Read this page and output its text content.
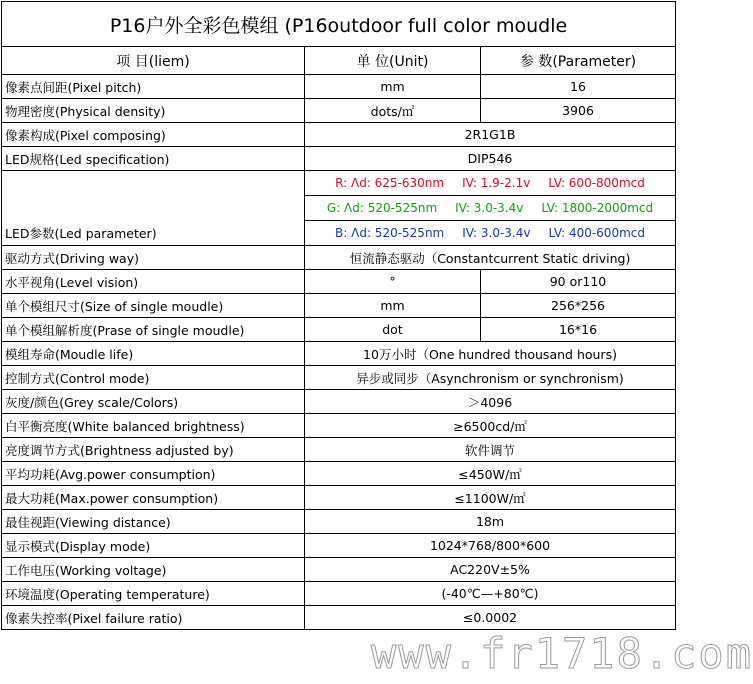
P16户外全彩色模组 (P16outdoor full color moudle		
项 目(liem)	单 位(Unit)	参 数(Parameter)
像素点间距(Pixel pitch)	mm	16
物理密度(Physical density)	dots/㎡	3906
像素构成(Pixel composing)	2R1G1B	
LED规格(Led specification)	DIP546	
LED参数(Led parameter)	R: Λd: 625-630nm IV: 1.9-2.1v LV: 600-800mcd	
	G: Λd: 520-525nm IV: 3.0-3.4v LV: 1800-2000mcd	
	B: Λd: 520-525nm IV: 3.0-3.4v LV: 400-600mcd	
驱动方式(Driving way)	恒流静态驱动（Constantcurrent Static driving)	
水平视角(Level vision)	°	90 or110
单个模组尺寸(Size of single moudle)	mm	256*256
单个模组解析度(Prase of single moudle)	dot	16*16
模组寿命(Moudle life)	10万小时（One hundred thousand hours)	
控制方式(Control mode)	异步或同步（Asynchronism or synchronism)	
灰度/颜色(Grey scale/Colors)	＞4096	
白平衡亮度(White balanced brightness)	≥6500cd/㎡	
亮度调节方式(Brightness adjusted by)	软件调节	
平均功耗(Avg.power consumption)	≤450W/㎡	
最大功耗(Max.power consumption)	≤1100W/㎡	
最佳视距(Viewing distance)	18m	
显示模式(Display mode)	1024*768/800*600	
工作电压(Working voltage)	AC220V±5%	
环境温度(Operating temperature)	(-40℃—+80℃)	
像素失控率(Pixel failure ratio)	≤0.0002	
www.fr1718.com
